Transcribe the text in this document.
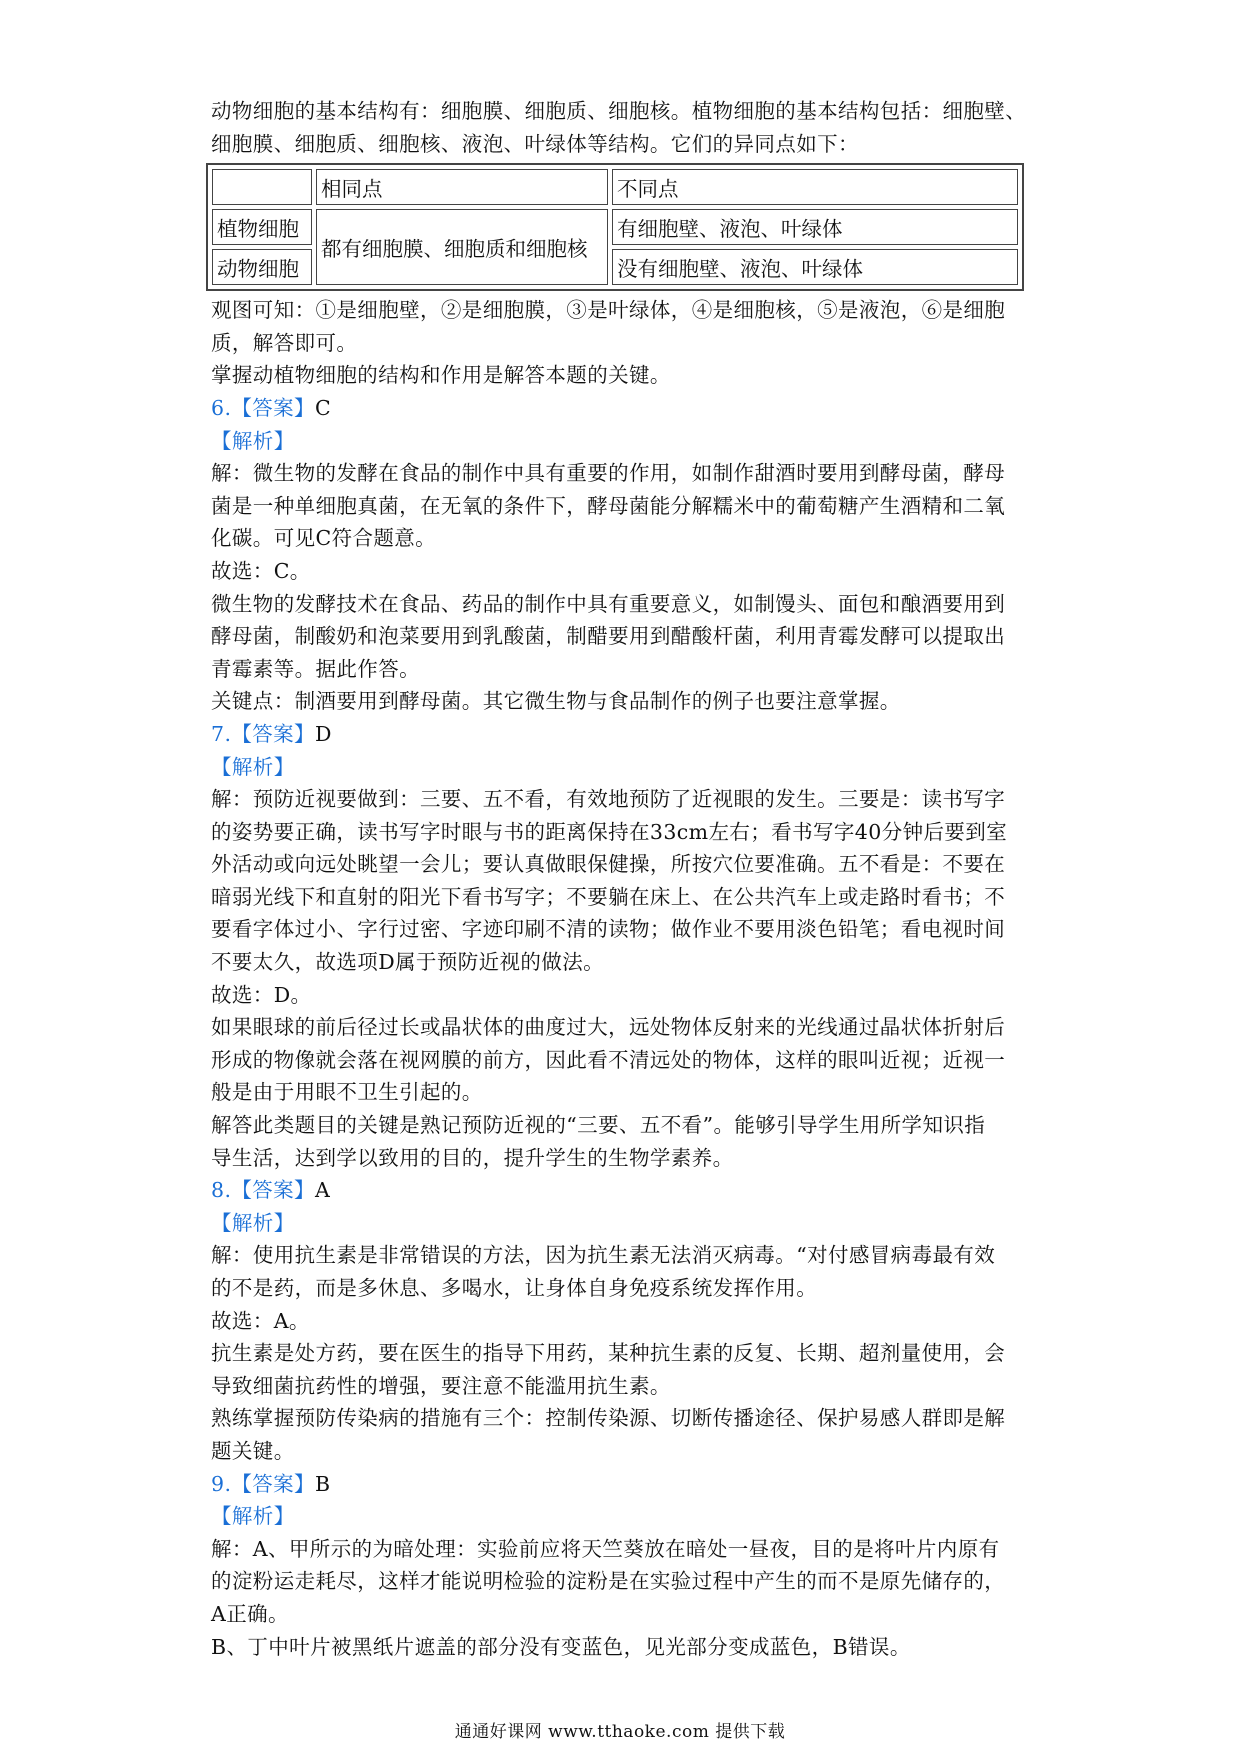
动物细胞的基本结构有：细胞膜、细胞质、细胞核。植物细胞的基本结构包括：细胞壁、

细胞膜、细胞质、细胞核、液泡、叶绿体等结构。它们的异同点如下：

	相同点	不同点
植物细胞	都有细胞膜、细胞质和细胞核	有细胞壁、液泡、叶绿体
动物细胞		没有细胞壁、液泡、叶绿体

观图可知：①是细胞壁，②是细胞膜，③是叶绿体，④是细胞核，⑤是液泡，⑥是细胞

质，解答即可。

掌握动植物细胞的结构和作用是解答本题的关键。

6.【答案】C

【解析】

解：微生物的发酵在食品的制作中具有重要的作用，如制作甜酒时要用到酵母菌，酵母

菌是一种单细胞真菌，在无氧的条件下，酵母菌能分解糯米中的葡萄糖产生酒精和二氧

化碳。可见C符合题意。

故选：C。

微生物的发酵技术在食品、药品的制作中具有重要意义，如制馒头、面包和酿酒要用到

酵母菌，制酸奶和泡菜要用到乳酸菌，制醋要用到醋酸杆菌，利用青霉发酵可以提取出

青霉素等。据此作答。

关键点：制酒要用到酵母菌。其它微生物与食品制作的例子也要注意掌握。

7.【答案】D

【解析】

解：预防近视要做到：三要、五不看，有效地预防了近视眼的发生。三要是：读书写字

的姿势要正确，读书写字时眼与书的距离保持在33cm左右；看书写字40分钟后要到室

外活动或向远处眺望一会儿；要认真做眼保健操，所按穴位要准确。五不看是：不要在

暗弱光线下和直射的阳光下看书写字；不要躺在床上、在公共汽车上或走路时看书；不

要看字体过小、字行过密、字迹印刷不清的读物；做作业不要用淡色铅笔；看电视时间

不要太久，故选项D属于预防近视的做法。

故选：D。

如果眼球的前后径过长或晶状体的曲度过大，远处物体反射来的光线通过晶状体折射后

形成的物像就会落在视网膜的前方，因此看不清远处的物体，这样的眼叫近视；近视一

般是由于用眼不卫生引起的。

解答此类题目的关键是熟记预防近视的“三要、五不看”。能够引导学生用所学知识指

导生活，达到学以致用的目的，提升学生的生物学素养。

8.【答案】A

【解析】

解：使用抗生素是非常错误的方法，因为抗生素无法消灭病毒。“对付感冒病毒最有效

的不是药，而是多休息、多喝水，让身体自身免疫系统发挥作用。

故选：A。

抗生素是处方药，要在医生的指导下用药，某种抗生素的反复、长期、超剂量使用，会

导致细菌抗药性的增强，要注意不能滥用抗生素。

熟练掌握预防传染病的措施有三个：控制传染源、切断传播途径、保护易感人群即是解

题关键。

9.【答案】B

【解析】

解：A、甲所示的为暗处理：实验前应将天竺葵放在暗处一昼夜，目的是将叶片内原有

的淀粉运走耗尽，这样才能说明检验的淀粉是在实验过程中产生的而不是原先储存的，

A正确。

B、丁中叶片被黑纸片遮盖的部分没有变蓝色，见光部分变成蓝色，B错误。

通通好课网 www.tthaoke.com 提供下载
